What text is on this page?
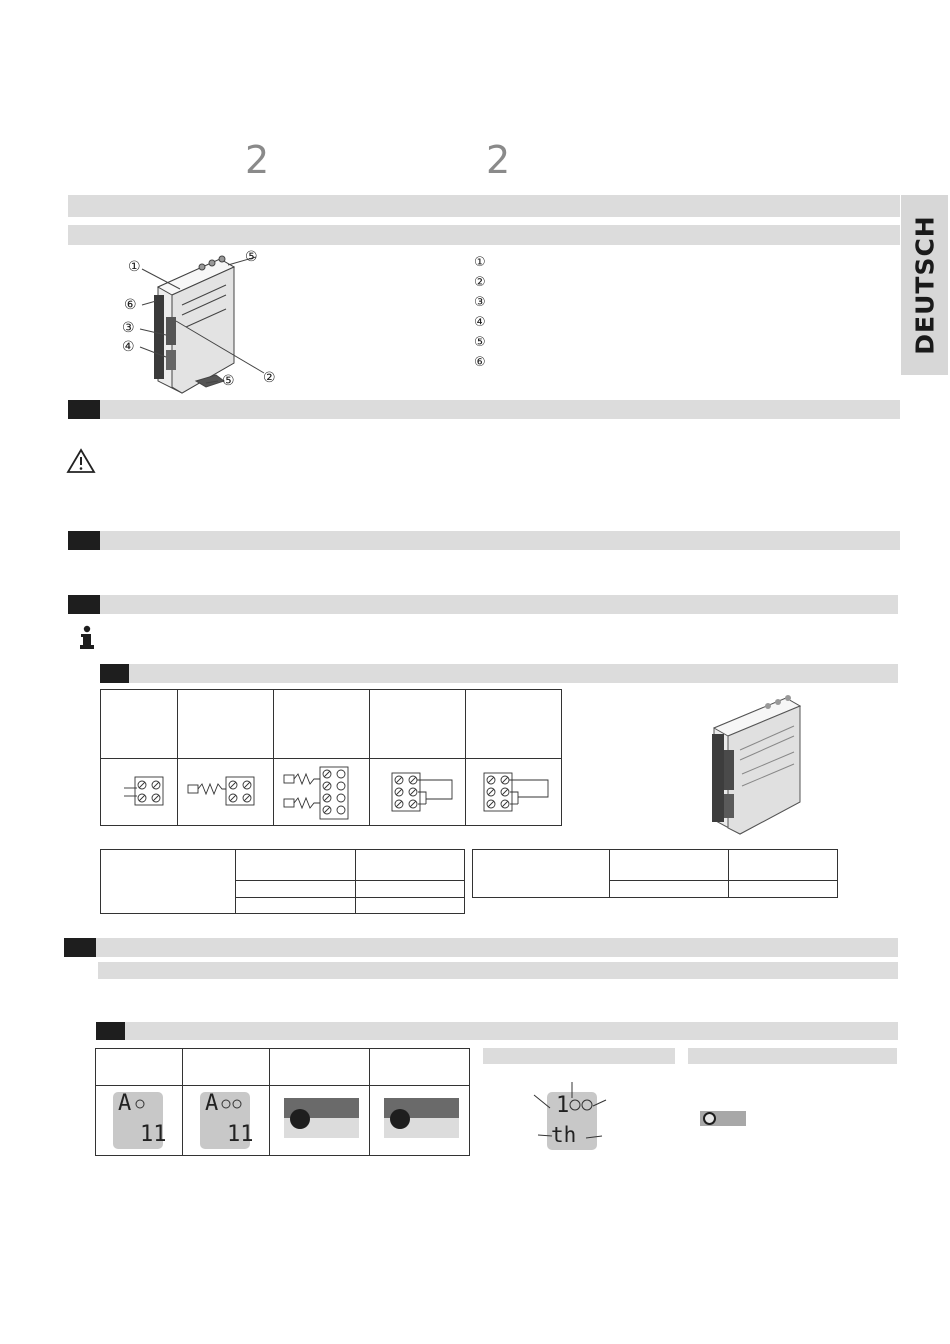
2	2
DEUTSCH
①
⑥
③
④
⑤
②
⑤
①
②
③
④
⑤
⑥
A
11
A
11
1
th
